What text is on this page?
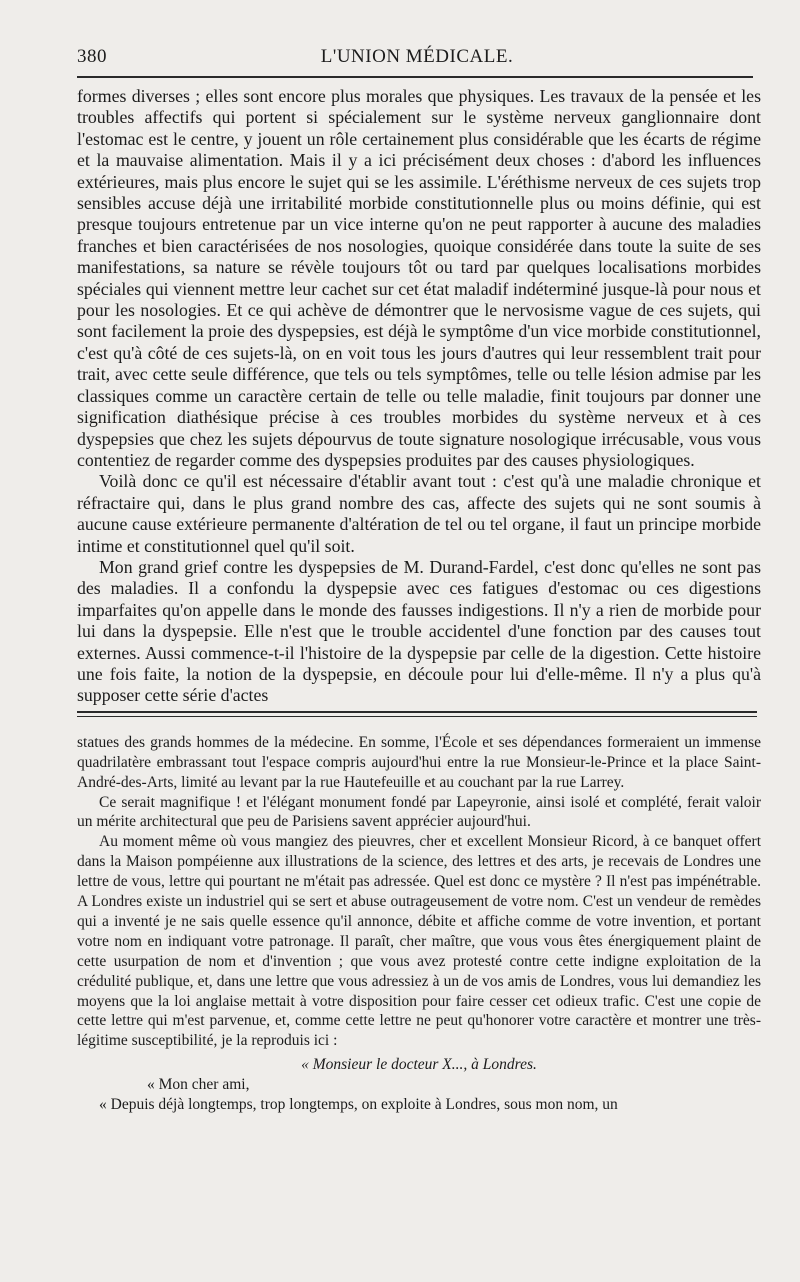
380	L'UNION MÉDICALE.

formes diverses ; elles sont encore plus morales que physiques. Les travaux de la pensée et les troubles affectifs qui portent si spécialement sur le système nerveux ganglionnaire dont l'estomac est le centre, y jouent un rôle certainement plus considérable que les écarts de régime et la mauvaise alimentation. Mais il y a ici précisément deux choses : d'abord les influences extérieures, mais plus encore le sujet qui se les assimile. L'éréthisme nerveux de ces sujets trop sensibles accuse déjà une irritabilité morbide constitutionnelle plus ou moins définie, qui est presque toujours entretenue par un vice interne qu'on ne peut rapporter à aucune des maladies franches et bien caractérisées de nos nosologies, quoique considérée dans toute la suite de ses manifestations, sa nature se révèle toujours tôt ou tard par quelques localisations morbides spéciales qui viennent mettre leur cachet sur cet état maladif indéterminé jusque-là pour nous et pour les nosologies. Et ce qui achève de démontrer que le nervosisme vague de ces sujets, qui sont facilement la proie des dyspepsies, est déjà le symptôme d'un vice morbide constitutionnel, c'est qu'à côté de ces sujets-là, on en voit tous les jours d'autres qui leur ressemblent trait pour trait, avec cette seule différence, que tels ou tels symptômes, telle ou telle lésion admise par les classiques comme un caractère certain de telle ou telle maladie, finit toujours par donner une signification diathésique précise à ces troubles morbides du système nerveux et à ces dyspepsies que chez les sujets dépourvus de toute signature nosologique irrécusable, vous vous contentiez de regarder comme des dyspepsies produites par des causes physiologiques.

Voilà donc ce qu'il est nécessaire d'établir avant tout : c'est qu'à une maladie chronique et réfractaire qui, dans le plus grand nombre des cas, affecte des sujets qui ne sont soumis à aucune cause extérieure permanente d'altération de tel ou tel organe, il faut un principe morbide intime et constitutionnel quel qu'il soit.

Mon grand grief contre les dyspepsies de M. Durand-Fardel, c'est donc qu'elles ne sont pas des maladies. Il a confondu la dyspepsie avec ces fatigues d'estomac ou ces digestions imparfaites qu'on appelle dans le monde des fausses indigestions. Il n'y a rien de morbide pour lui dans la dyspepsie. Elle n'est que le trouble accidentel d'une fonction par des causes tout externes. Aussi commence-t-il l'histoire de la dyspepsie par celle de la digestion. Cette histoire une fois faite, la notion de la dyspepsie, en découle pour lui d'elle-même. Il n'y a plus qu'à supposer cette série d'actes

statues des grands hommes de la médecine. En somme, l'École et ses dépendances formeraient un immense quadrilatère embrassant tout l'espace compris aujourd'hui entre la rue Monsieur-le-Prince et la place Saint-André-des-Arts, limité au levant par la rue Hautefeuille et au couchant par la rue Larrey.

Ce serait magnifique ! et l'élégant monument fondé par Lapeyronie, ainsi isolé et complété, ferait valoir un mérite architectural que peu de Parisiens savent apprécier aujourd'hui.

Au moment même où vous mangiez des pieuvres, cher et excellent Monsieur Ricord, à ce banquet offert dans la Maison pompéienne aux illustrations de la science, des lettres et des arts, je recevais de Londres une lettre de vous, lettre qui pourtant ne m'était pas adressée. Quel est donc ce mystère ? Il n'est pas impénétrable. A Londres existe un industriel qui se sert et abuse outrageusement de votre nom. C'est un vendeur de remèdes qui a inventé je ne sais quelle essence qu'il annonce, débite et affiche comme de votre invention, et portant votre nom en indiquant votre patronage. Il paraît, cher maître, que vous vous êtes énergiquement plaint de cette usurpation de nom et d'invention ; que vous avez protesté contre cette indigne exploitation de la crédulité publique, et, dans une lettre que vous adressiez à un de vos amis de Londres, vous lui demandiez les moyens que la loi anglaise mettait à votre disposition pour faire cesser cet odieux trafic. C'est une copie de cette lettre qui m'est parvenue, et, comme cette lettre ne peut qu'honorer votre caractère et montrer une très-légitime susceptibilité, je la reproduis ici :

« Monsieur le docteur X..., à Londres.

« Mon cher ami,

« Depuis déjà longtemps, trop longtemps, on exploite à Londres, sous mon nom, un
